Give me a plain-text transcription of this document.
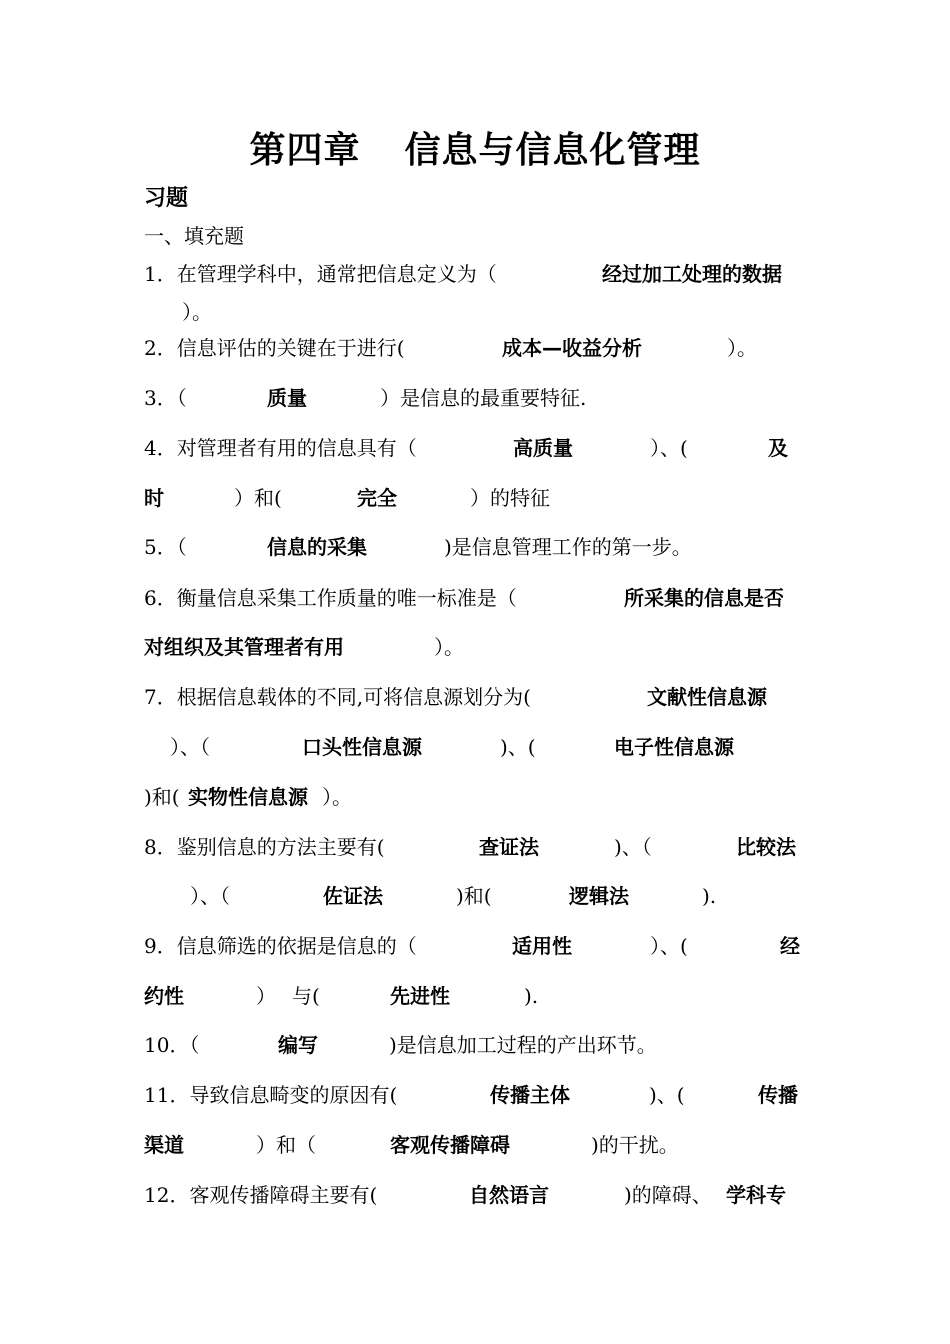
第四章 信息与信息化管理
习题
一、填充题
1．在管理学科中，通常把信息定义为（	经过加工处理的数据
）。
2．信息评估的关键在于进行(	成本—收益分析	）。
3．（	质量	）是信息的最重要特征.
4．对管理者有用的信息具有（	高质量	）、(	及
时	）和(	完全	）的特征
5．（	信息的采集	)是信息管理工作的第一步。
6．衡量信息采集工作质量的唯一标准是（	所采集的信息是否
对组织及其管理者有用	）。
7．根据信息载体的不同,可将信息源划分为(	文献性信息源
）、（	口头性信息源	)、(	电子性信息源
)和( 实物性信息源 ）。
8．鉴别信息的方法主要有(	查证法	)、（	比较法
）、（	佐证法	)和(	逻辑法	).
9．信息筛选的依据是信息的（	适用性	）、(	经
约性	） 与(	先进性	).
10．（	编写	)是信息加工过程的产出环节。
11．导致信息畸变的原因有(	传播主体	)、(	传播
渠道	）和（	客观传播障碍	)的干扰。
12．客观传播障碍主要有(	自然语言	)的障碍、 学科专
